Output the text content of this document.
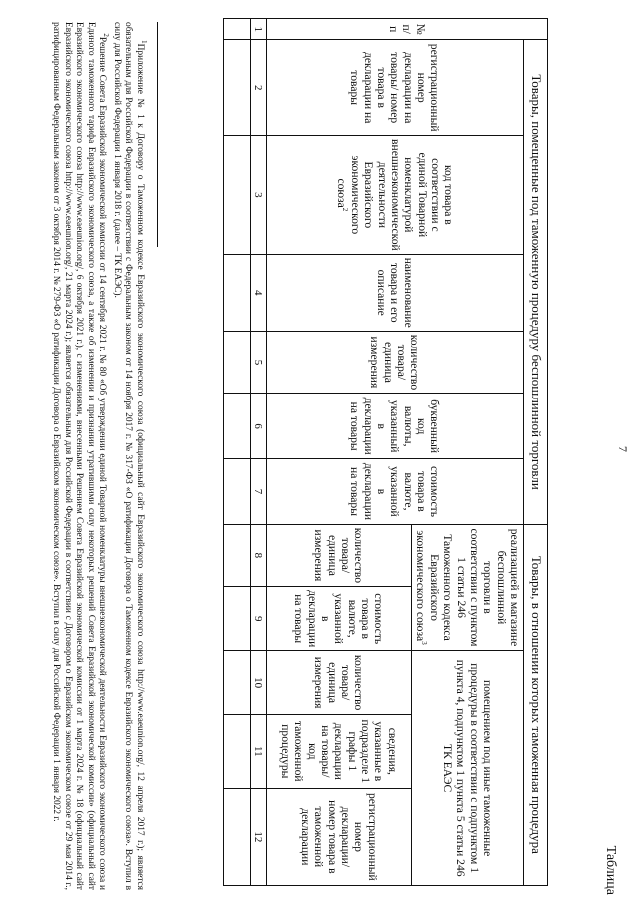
7
Таблица
№ п/п	Товары, помещенные под таможенную процедуру беспошлинной торговли						Товары, в отношении которых таможенная процедура				
	регистрационный номер декларации на товары/ номер товара в декларации на товары	код товара в соответствии с единой Товарной номенклатурой внешнеэкономической деятельности Евразийского экономического союза$^2$	наименование товара и его описание	количество товара/единица измерения	буквенный код валюты, указанный в декларации на товары	стоимость товара в валюте, указанной в декларации на товары	реализацией в магазине беспошлинной торговли в соответствии с пунктом 1 статьи 246 Таможенного кодекса Евразийского экономического союза$^3$		помещением под иные таможенные процедуры в соответствии с подпунктом 1 пункта 4, подпунктом 1 пункта 5 статьи 246 ТК ЕАЭС		
							количество товара/ единица измерения	стоимость товара в валюте, указанной в декларации на товары	количество товара/ единица измерения	сведения, указанные в подразделе 1 графы 1 декларации на товары/код таможенной процедуры	регистрационный номер декларации/номер товара в таможенной декларации
1	2	3	4	5	6	7	8	9	10	11	12

$^1$Приложение № 1 к Договору о Таможенном кодексе Евразийского экономического союза (официальный сайт Евразийского экономического союза http://www.eaeunion.org/, 12 апреля 2017 г.); является обязательным для Российской Федерации в соответствии с Федеральным законом от 14 ноября 2017 г. № 317-ФЗ «О ратификации Договора о Таможенном кодексе Евразийского экономического союза». Вступил в силу для Российской Федерации 1 января 2018 г. (далее – ТК ЕАЭС).

$^2$Решение Совета Евразийской экономической комиссии от 14 сентября 2021 г. № 80 «Об утверждении единой Товарной номенклатуры внешнеэкономической деятельности Евразийского экономического союза и Единого таможенного тарифа Евразийского экономического союза, а также об изменении и признании утратившими силу некоторых решений Совета Евразийской экономической комиссии» (официальный сайт Евразийского экономического союза http://www.eaeunion.org/, 6 октября 2021 г.), с изменениями, внесенными Решением Совета Евразийской экономической комиссии от 1 марта 2024 г. № 18 (официальный сайт Евразийского экономического союза http://www.eaeunion.org/, 21 марта 2024 г.); является обязательным для Российской Федерации в соответствии с Договором о Евразийском экономическом союзе от 29 мая 2014 г., ратифицированным Федеральным законом от 3 октября 2014 г. № 279-ФЗ «О ратификации Договора о Евразийском экономическом союзе». Вступил в силу для Российской Федерации 1 января 2022 г.
